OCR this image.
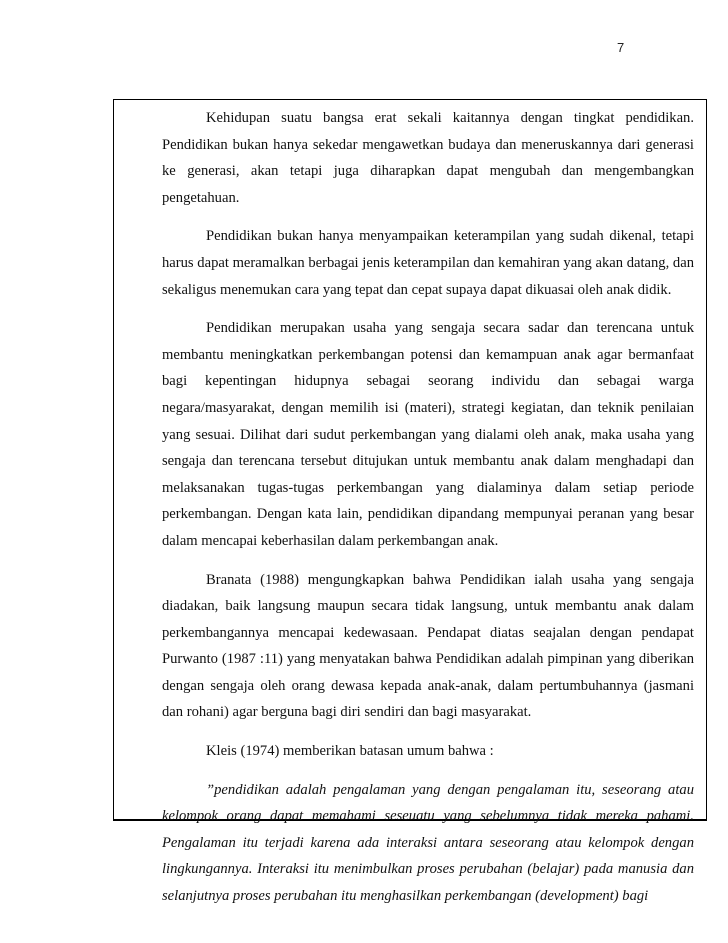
7

Kehidupan suatu bangsa erat sekali kaitannya dengan tingkat pendidikan. Pendidikan bukan hanya sekedar mengawetkan budaya dan meneruskannya dari generasi ke generasi, akan tetapi juga diharapkan dapat mengubah dan mengembangkan pengetahuan.

Pendidikan bukan hanya menyampaikan keterampilan yang sudah dikenal, tetapi harus dapat meramalkan berbagai jenis keterampilan dan kemahiran yang akan datang, dan sekaligus menemukan cara yang tepat dan cepat supaya dapat dikuasai oleh anak didik.

Pendidikan merupakan usaha yang sengaja secara sadar dan terencana untuk membantu meningkatkan perkembangan potensi dan kemampuan anak agar bermanfaat bagi kepentingan hidupnya sebagai seorang individu dan sebagai warga negara/masyarakat, dengan memilih isi (materi), strategi kegiatan, dan teknik penilaian yang sesuai. Dilihat dari sudut perkembangan yang dialami oleh anak, maka usaha yang sengaja dan terencana tersebut ditujukan untuk membantu anak dalam menghadapi dan melaksanakan tugas-tugas perkembangan yang dialaminya dalam setiap periode perkembangan. Dengan kata lain, pendidikan dipandang mempunyai peranan yang besar dalam mencapai keberhasilan dalam perkembangan anak.

Branata (1988) mengungkapkan bahwa Pendidikan ialah usaha yang sengaja diadakan, baik langsung maupun secara tidak langsung, untuk membantu anak dalam perkembangannya mencapai kedewasaan. Pendapat diatas seajalan dengan pendapat Purwanto (1987 :11) yang menyatakan bahwa Pendidikan adalah pimpinan yang diberikan dengan sengaja oleh orang dewasa kepada anak-anak, dalam pertumbuhannya (jasmani dan rohani) agar berguna bagi diri sendiri dan bagi masyarakat.

Kleis (1974) memberikan batasan umum bahwa :

”pendidikan adalah pengalaman yang dengan pengalaman itu, seseorang atau kelompok orang dapat memahami seseuatu yang sebelumnya tidak mereka pahami. Pengalaman itu terjadi karena ada interaksi antara seseorang atau kelompok dengan lingkungannya. Interaksi itu menimbulkan proses perubahan (belajar) pada manusia dan selanjutnya proses perubahan itu menghasilkan perkembangan (development) bagi
